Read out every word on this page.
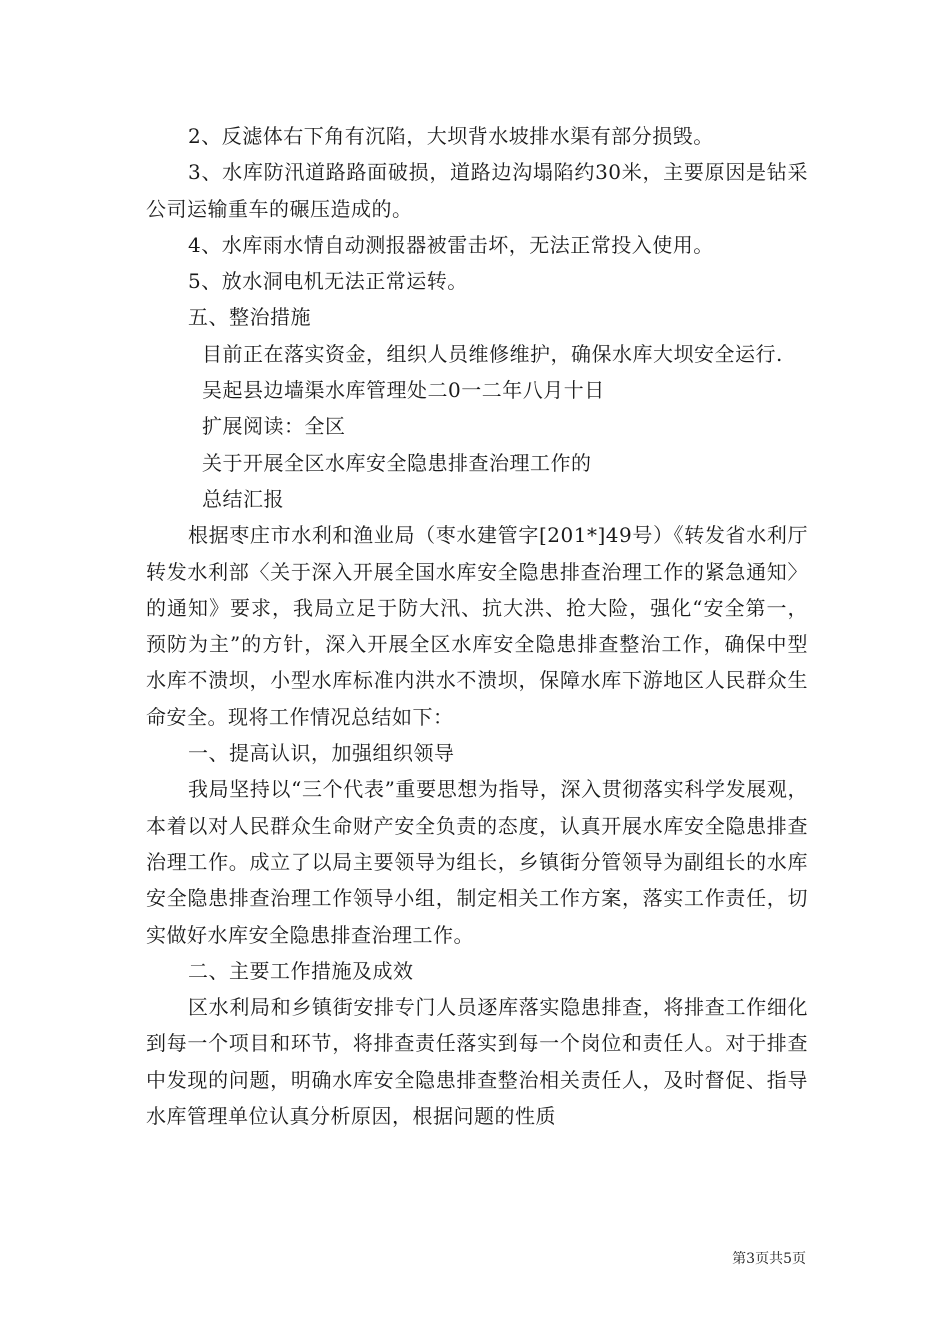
2、反滤体右下角有沉陷，大坝背水坡排水渠有部分损毁。

3、水库防汛道路路面破损，道路边沟塌陷约30米，主要原因是钻采公司运输重车的碾压造成的。

4、水库雨水情自动测报器被雷击坏，无法正常投入使用。

5、放水洞电机无法正常运转。

五、整治措施

目前正在落实资金，组织人员维修维护，确保水库大坝安全运行.

吴起县边墙渠水库管理处二0一二年八月十日

扩展阅读：全区

关于开展全区水库安全隐患排查治理工作的

总结汇报

根据枣庄市水利和渔业局（枣水建管字[201*]49号）《转发省水利厅转发水利部〈关于深入开展全国水库安全隐患排查治理工作的紧急通知〉的通知》要求，我局立足于防大汛、抗大洪、抢大险，强化“安全第一，预防为主”的方针，深入开展全区水库安全隐患排查整治工作，确保中型水库不溃坝，小型水库标准内洪水不溃坝，保障水库下游地区人民群众生命安全。现将工作情况总结如下：

一、提高认识，加强组织领导

我局坚持以“三个代表”重要思想为指导，深入贯彻落实科学发展观，本着以对人民群众生命财产安全负责的态度，认真开展水库安全隐患排查治理工作。成立了以局主要领导为组长，乡镇街分管领导为副组长的水库安全隐患排查治理工作领导小组，制定相关工作方案，落实工作责任，切实做好水库安全隐患排查治理工作。

二、主要工作措施及成效

区水利局和乡镇街安排专门人员逐库落实隐患排查，将排查工作细化到每一个项目和环节，将排查责任落实到每一个岗位和责任人。对于排查中发现的问题，明确水库安全隐患排查整治相关责任人，及时督促、指导水库管理单位认真分析原因，根据问题的性质

第3页共5页
